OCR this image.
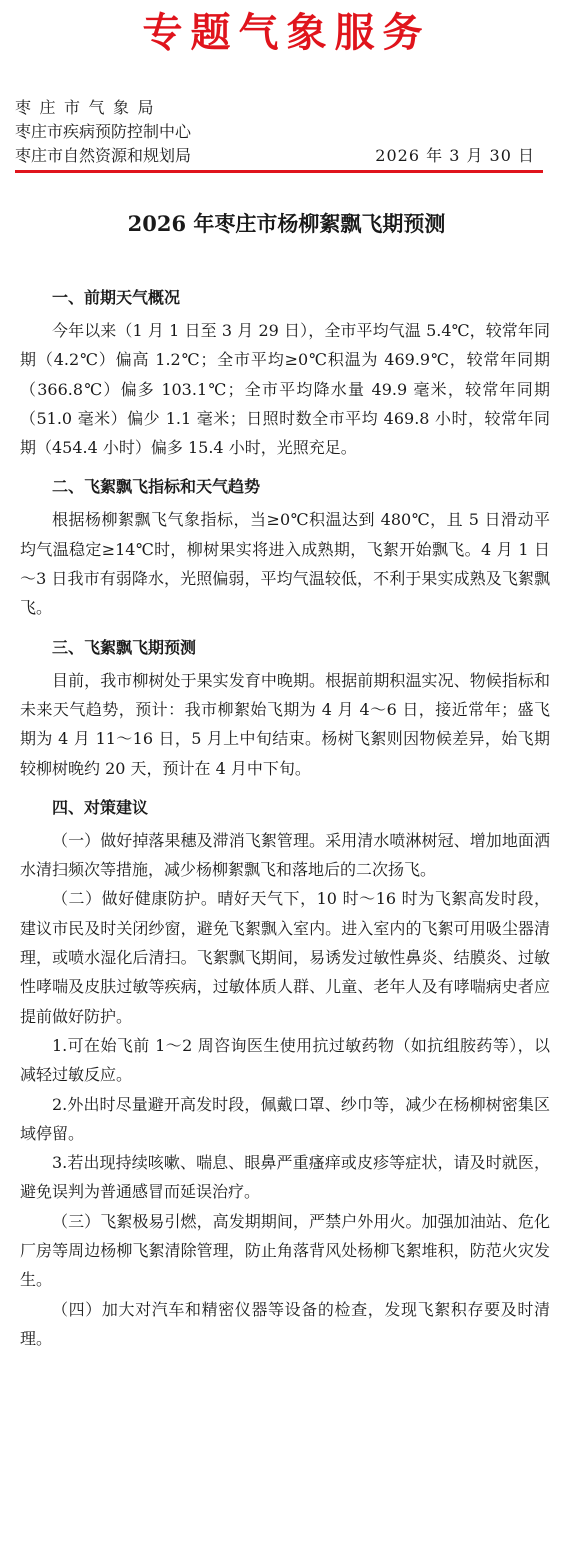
专题气象服务
枣庄市气象局
枣庄市疾病预防控制中心
枣庄市自然资源和规划局	2026 年 3 月 30 日
2026 年枣庄市杨柳絮飘飞期预测
一、前期天气概况

今年以来（1 月 1 日至 3 月 29 日），全市平均气温 5.4℃，较常年同期（4.2℃）偏高 1.2℃；全市平均≥0℃积温为 469.9℃，较常年同期（366.8℃）偏多 103.1℃；全市平均降水量 49.9 毫米，较常年同期（51.0 毫米）偏少 1.1 毫米；日照时数全市平均 469.8 小时，较常年同期（454.4 小时）偏多 15.4 小时，光照充足。

二、飞絮飘飞指标和天气趋势

根据杨柳絮飘飞气象指标，当≥0℃积温达到 480℃，且 5 日滑动平均气温稳定≥14℃时，柳树果实将进入成熟期，飞絮开始飘飞。4 月 1 日～3 日我市有弱降水，光照偏弱，平均气温较低，不利于果实成熟及飞絮飘飞。

三、飞絮飘飞期预测

目前，我市柳树处于果实发育中晚期。根据前期积温实况、物候指标和未来天气趋势，预计：我市柳絮始飞期为 4 月 4～6 日，接近常年；盛飞期为 4 月 11～16 日，5 月上中旬结束。杨树飞絮则因物候差异，始飞期较柳树晚约 20 天，预计在 4 月中下旬。

四、对策建议

（一）做好掉落果穗及滞消飞絮管理。采用清水喷淋树冠、增加地面洒水清扫频次等措施，减少杨柳絮飘飞和落地后的二次扬飞。

（二）做好健康防护。晴好天气下，10 时～16 时为飞絮高发时段，建议市民及时关闭纱窗，避免飞絮飘入室内。进入室内的飞絮可用吸尘器清理，或喷水湿化后清扫。飞絮飘飞期间，易诱发过敏性鼻炎、结膜炎、过敏性哮喘及皮肤过敏等疾病，过敏体质人群、儿童、老年人及有哮喘病史者应提前做好防护。

1.可在始飞前 1～2 周咨询医生使用抗过敏药物（如抗组胺药等），以减轻过敏反应。

2.外出时尽量避开高发时段，佩戴口罩、纱巾等，减少在杨柳树密集区域停留。

3.若出现持续咳嗽、喘息、眼鼻严重瘙痒或皮疹等症状，请及时就医，避免误判为普通感冒而延误治疗。

（三）飞絮极易引燃，高发期期间，严禁户外用火。加强加油站、危化厂房等周边杨柳飞絮清除管理，防止角落背风处杨柳飞絮堆积，防范火灾发生。

（四）加大对汽车和精密仪器等设备的检查，发现飞絮积存要及时清理。
